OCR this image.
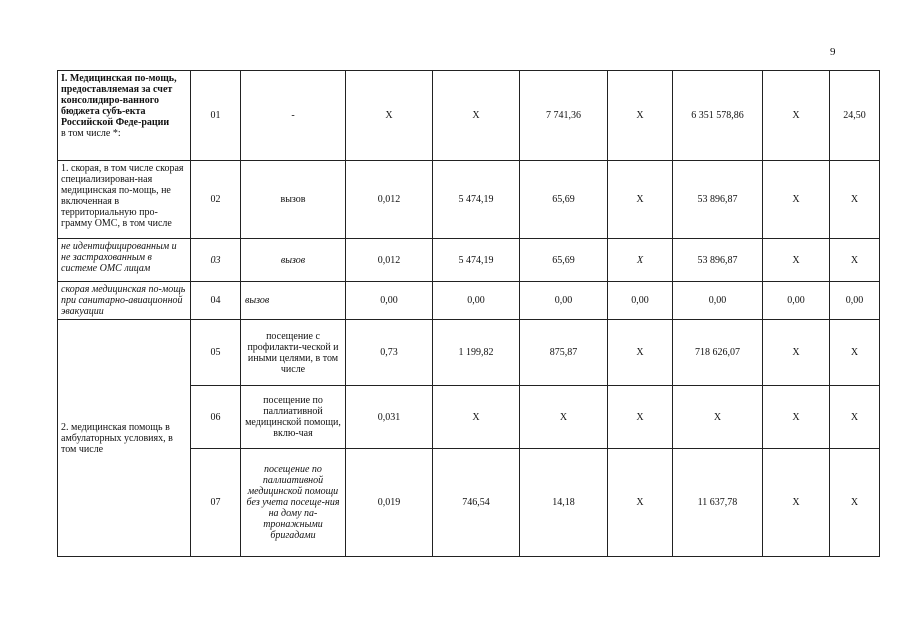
9
I. Медицинская по-мощь, предоставляемая за счет консолидиро-ванного бюджета субъ-екта Российской Феде-рации
в том числе *:	01	-	X	X	7 741,36	X	6 351 578,86	X	24,50
1. скорая, в том числе скорая специализирован-ная медицинская по-мощь, не включенная в территориальную про-грамму ОМС, в том числе	02	вызов	0,012	5 474,19	65,69	X	53 896,87	X	X
не идентифицированным и не застрахованным в системе ОМС лицам	03	вызов	0,012	5 474,19	65,69	X	53 896,87	X	X
скорая медицинская по-мощь при санитарно-авиационной эвакуации	04	вызов	0,00	0,00	0,00	0,00	0,00	0,00	0,00
2. медицинская помощь в амбулаторных условиях, в том числе	05	посещение с профилакти-ческой и иными целями, в том числе	0,73	1 199,82	875,87	X	718 626,07	X	X
	06	посещение по паллиативной медицинской помощи, вклю-чая	0,031	X	X	X	X	X	X
	07	посещение по паллиативной медицинской помощи без учета посеще-ния на дому па-тронажными бригадами	0,019	746,54	14,18	X	11 637,78	X	X
